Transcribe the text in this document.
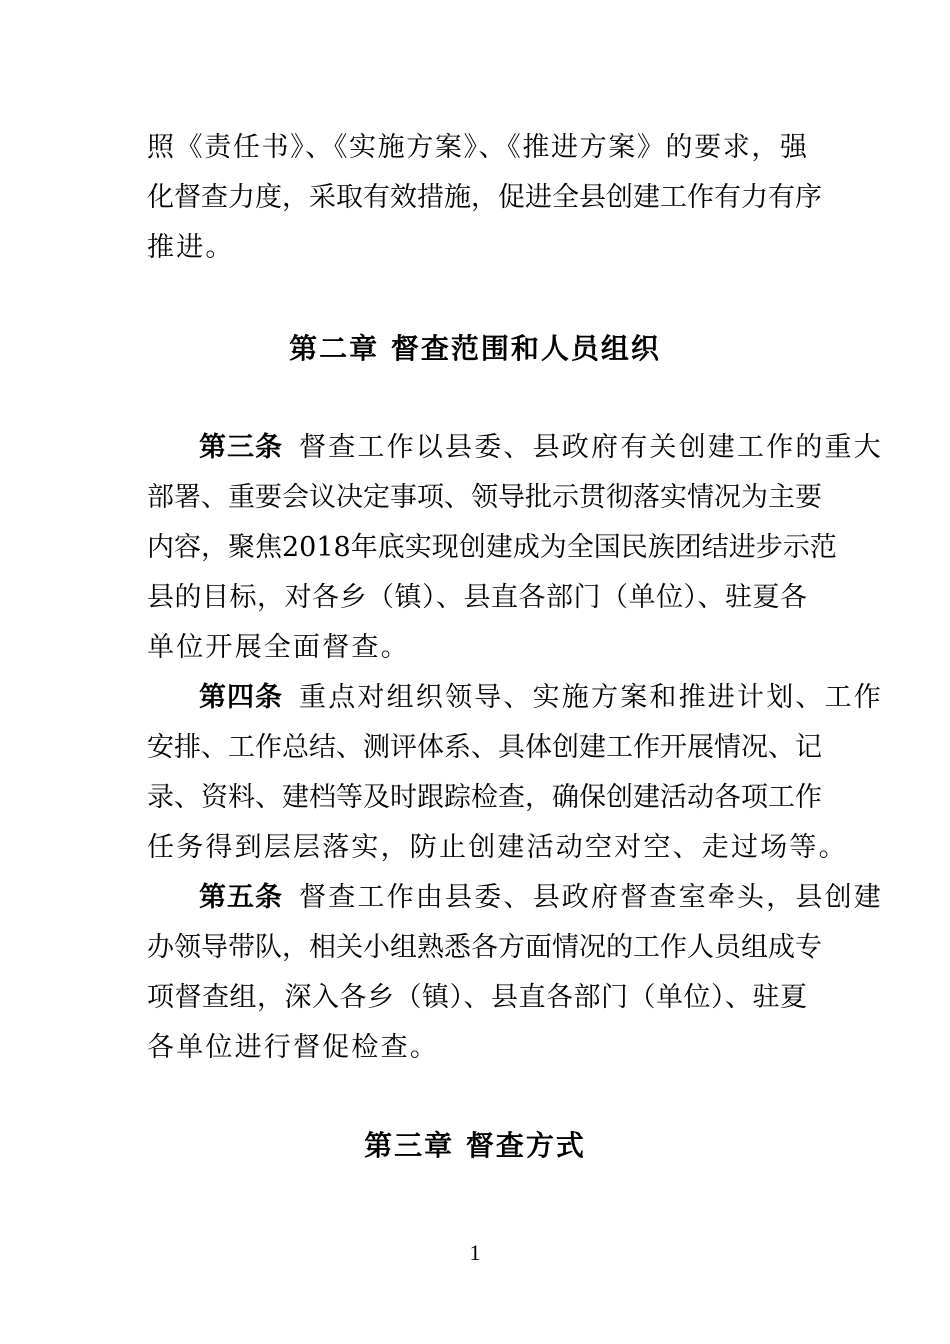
照《责任书》、《实施方案》、《推进方案》的要求，强
化督查力度，采取有效措施，促进全县创建工作有力有序
推进。
第二章 督查范围和人员组织
第三条 督查工作以县委、县政府有关创建工作的重大
部署、重要会议决定事项、领导批示贯彻落实情况为主要
内容，聚焦2018年底实现创建成为全国民族团结进步示范
县的目标，对各乡（镇）、县直各部门（单位）、驻夏各
单位开展全面督查。
第四条 重点对组织领导、实施方案和推进计划、工作
安排、工作总结、测评体系、具体创建工作开展情况、记
录、资料、建档等及时跟踪检查，确保创建活动各项工作
任务得到层层落实，防止创建活动空对空、走过场等。
第五条 督查工作由县委、县政府督查室牵头，县创建
办领导带队，相关小组熟悉各方面情况的工作人员组成专
项督查组，深入各乡（镇）、县直各部门（单位）、驻夏
各单位进行督促检查。
第三章 督查方式
1
